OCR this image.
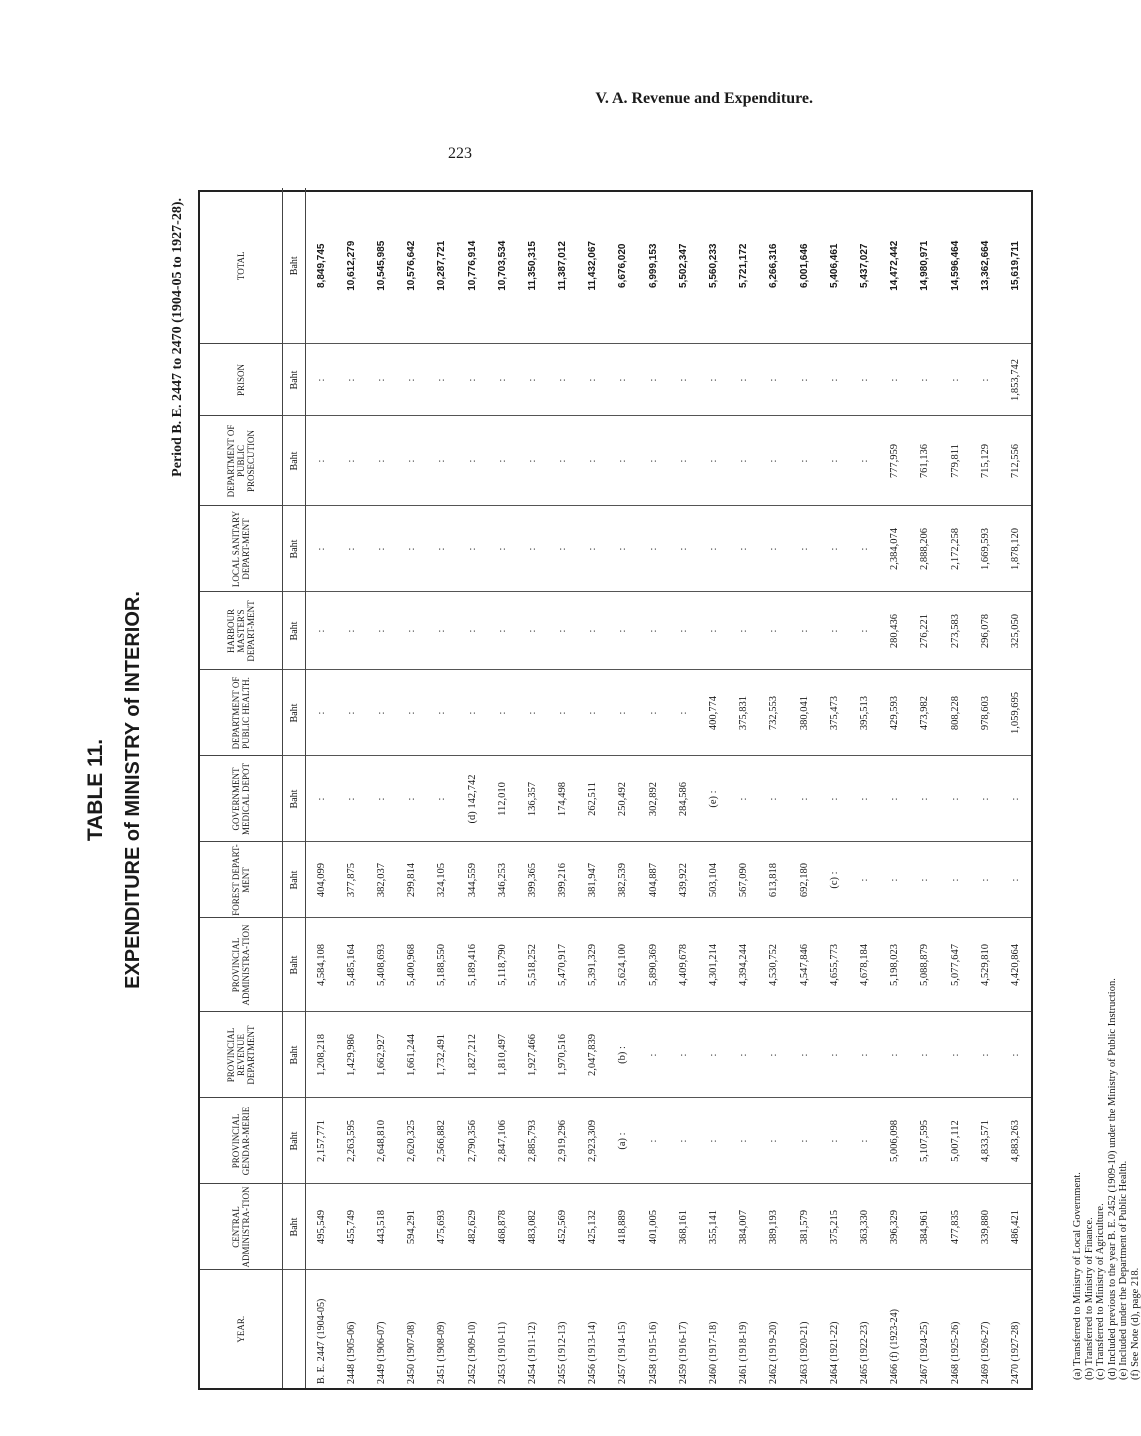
V. A. Revenue and Expenditure.
223
TABLE 11. EXPENDITURE of MINISTRY of INTERIOR.
Period B. E. 2447 to 2470 (1904-05 to 1927-28).
YEAR.	CENTRAL ADMINISTRA-TION	PROVINCIAL GENDAR-MERIE	PROVINCIAL REVENUE DEPARTMENT	PROVINCIAL ADMINISTRA-TION	FOREST DEPART-MENT	GOVERNMENT MEDICAL DEPOT	DEPARTMENT OF PUBLIC HEALTH.	HARBOUR MASTER'S DEPART-MENT	LOCAL SANITARY DEPART-MENT	DEPARTMENT OF PUBLIC PROSECUTION	PRISON	TOTAL
	Baht	Baht	Baht	Baht	Baht	Baht	Baht	Baht	Baht	Baht	Baht	Baht
B. E. 2447 (1904-05)	495,549	2,157,771	1,208,218	4,584,108	404,099	:	:	:	:	:	:	8,849,745
2448 (1905-06)	455,749	2,263,595	1,429,986	5,485,164	377,875	:	:	:	:	:	:	10,612,279
2449 (1906-07)	443,518	2,648,810	1,662,927	5,408,693	382,037	:	:	:	:	:	:	10,545,985
2450 (1907-08)	594,291	2,620,325	1,661,244	5,400,968	299,814	:	:	:	:	:	:	10,576,642
2451 (1908-09)	475,693	2,566,882	1,732,491	5,188,550	324,105	:	:	:	:	:	:	10,287,721
2452 (1909-10)	482,629	2,790,356	1,827,212	5,189,416	344,559	(d) 142,742	:	:	:	:	:	10,776,914
2453 (1910-11)	468,878	2,847,106	1,810,497	5,118,790	346,253	112,010	:	:	:	:	:	10,703,534
2454 (1911-12)	483,082	2,885,793	1,927,466	5,518,252	399,365	136,357	:	:	:	:	:	11,350,315
2455 (1912-13)	452,569	2,919,296	1,970,516	5,470,917	399,216	174,498	:	:	:	:	:	11,387,012
2456 (1913-14)	425,132	2,923,309	2,047,839	5,391,329	381,947	262,511	:	:	:	:	:	11,432,067
2457 (1914-15)	418,889	(a) :	(b) :	5,624,100	382,539	250,492	:	:	:	:	:	6,676,020
2458 (1915-16)	401,005	:	:	5,890,369	404,887	302,892	:	:	:	:	:	6,999,153
2459 (1916-17)	368,161	:	:	4,409,678	439,922	284,586	:	:	:	:	:	5,502,347
2460 (1917-18)	355,141	:	:	4,301,214	503,104	(e) :	400,774	:	:	:	:	5,560,233
2461 (1918-19)	384,007	:	:	4,394,244	567,090	:	375,831	:	:	:	:	5,721,172
2462 (1919-20)	389,193	:	:	4,530,752	613,818	:	732,553	:	:	:	:	6,266,316
2463 (1920-21)	381,579	:	:	4,547,846	692,180	:	380,041	:	:	:	:	6,001,646
2464 (1921-22)	375,215	:	:	4,655,773	(c) :	:	375,473	:	:	:	:	5,406,461
2465 (1922-23)	363,330	:	:	4,678,184	:	:	395,513	:	:	:	:	5,437,027
2466 (f) (1923-24)	396,329	5,006,098	:	5,198,023	:	:	429,593	280,436	2,384,074	777,959	:	14,472,442
2467 (1924-25)	384,961	5,107,595	:	5,088,879	:	:	473,982	276,221	2,888,206	761,136	:	14,980,971
2468 (1925-26)	477,835	5,007,112	:	5,077,647	:	:	808,228	273,583	2,172,258	779,811	:	14,596,464
2469 (1926-27)	339,880	4,833,571	:	4,529,810	:	:	978,603	296,078	1,669,593	715,129	:	13,362,664
2470 (1927-28)	486,421	4,883,263	:	4,420,864	:	:	1,059,695	325,050	1,878,120	712,556	1,853,742	15,619,711
(a) Transferred to Ministry of Local Government. (b) Transferred to Ministry of Finance. (c) Transferred to Ministry of Agriculture. (d) Included previous to the year B. E. 2452 (1909-10) under the Ministry of Public Instruction. (e) Included under the Department of Public Health. (f) See Note (d), page 218.
